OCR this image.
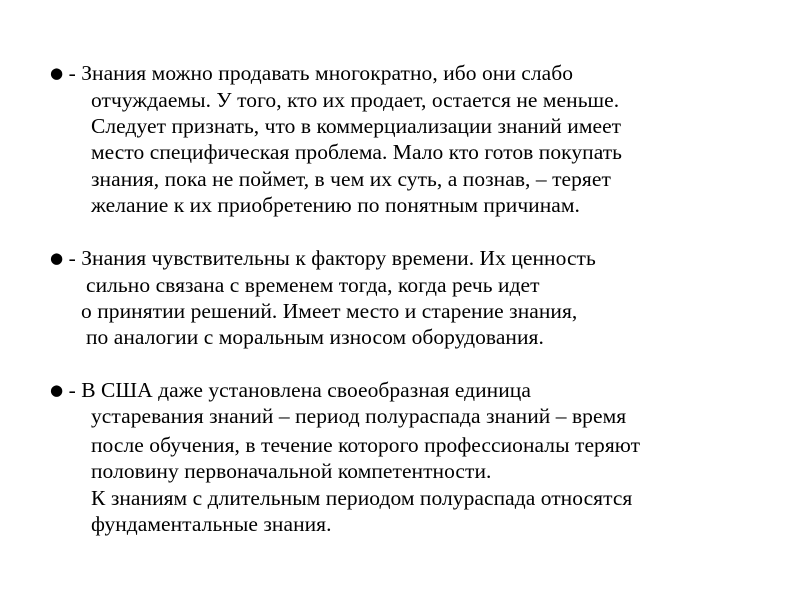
● - Знания можно продавать многократно, ибо они слабо
отчуждаемы. У того, кто их продает, остается не меньше.
Следует признать, что в коммерциализации знаний имеет
место специфическая проблема. Мало кто готов покупать
знания, пока не поймет, в чем их суть, а познав, – теряет
желание к их приобретению по понятным причинам.
● - Знания чувствительны к фактору времени. Их ценность
сильно связана с временем тогда, когда речь идет
о принятии решений. Имеет место и старение знания,
по аналогии с моральным износом оборудования.
● - В США даже установлена своеобразная единица
устаревания знаний – период полураспада знаний – время
после обучения, в течение которого профессионалы теряют
половину первоначальной компетентности.
К знаниям с длительным периодом полураспада относятся
фундаментальные знания.
